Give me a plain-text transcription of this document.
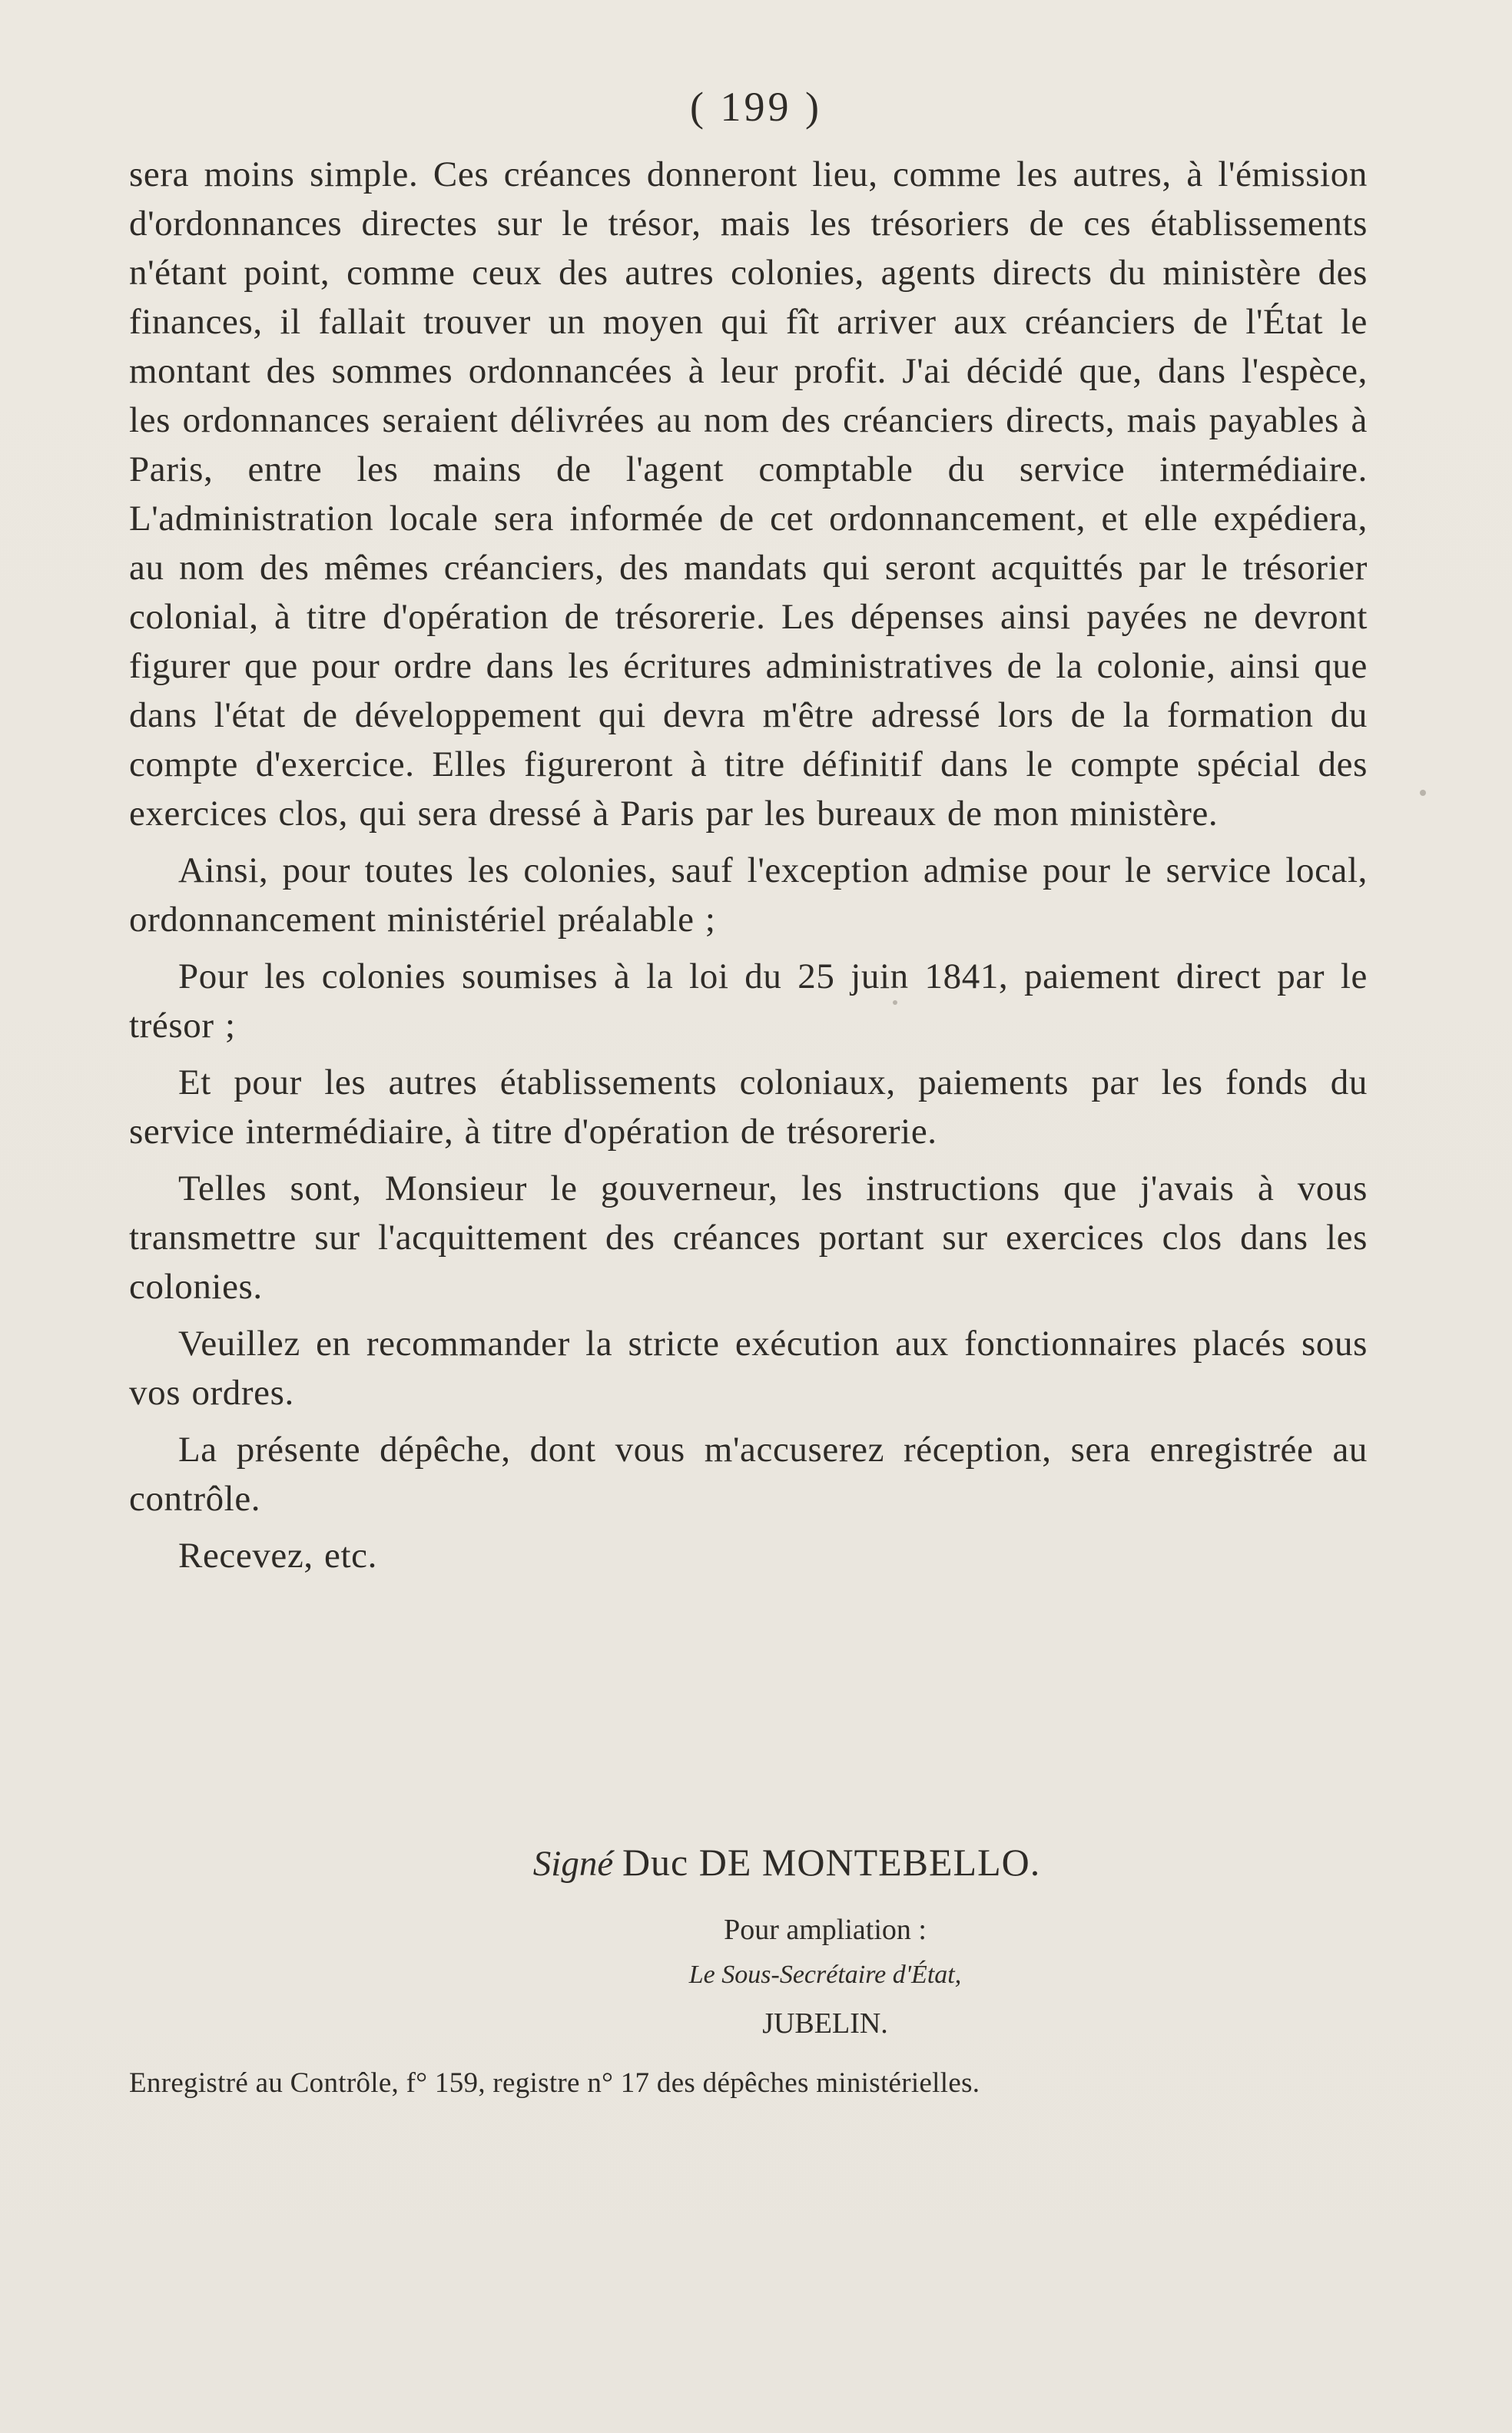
( 199 )

sera moins simple. Ces créances donneront lieu, comme les autres, à l'émission d'ordonnances directes sur le trésor, mais les trésoriers de ces établissements n'étant point, comme ceux des autres colonies, agents directs du ministère des finances, il fallait trouver un moyen qui fît arriver aux créanciers de l'État le montant des sommes ordonnancées à leur profit. J'ai décidé que, dans l'espèce, les ordonnances seraient délivrées au nom des créanciers directs, mais payables à Paris, entre les mains de l'agent comptable du service intermédiaire. L'administration locale sera informée de cet ordonnancement, et elle expédiera, au nom des mêmes créanciers, des mandats qui seront acquittés par le trésorier colonial, à titre d'opération de trésorerie. Les dépenses ainsi payées ne devront figurer que pour ordre dans les écritures administratives de la colonie, ainsi que dans l'état de développement qui devra m'être adressé lors de la formation du compte d'exercice. Elles figureront à titre définitif dans le compte spécial des exercices clos, qui sera dressé à Paris par les bureaux de mon ministère.

Ainsi, pour toutes les colonies, sauf l'exception admise pour le service local, ordonnancement ministériel préalable ;

Pour les colonies soumises à la loi du 25 juin 1841, paiement direct par le trésor ;

Et pour les autres établissements coloniaux, paiements par les fonds du service intermédiaire, à titre d'opération de trésorerie.

Telles sont, Monsieur le gouverneur, les instructions que j'avais à vous transmettre sur l'acquittement des créances portant sur exercices clos dans les colonies.

Veuillez en recommander la stricte exécution aux fonctionnaires placés sous vos ordres.

La présente dépêche, dont vous m'accuserez réception, sera enregistrée au contrôle.

Recevez, etc.

Signé Duc DE MONTEBELLO.
Pour ampliation :
Le Sous-Secrétaire d'État,
JUBELIN.
Enregistré au Contrôle, f° 159, registre n° 17 des dépêches ministérielles.
